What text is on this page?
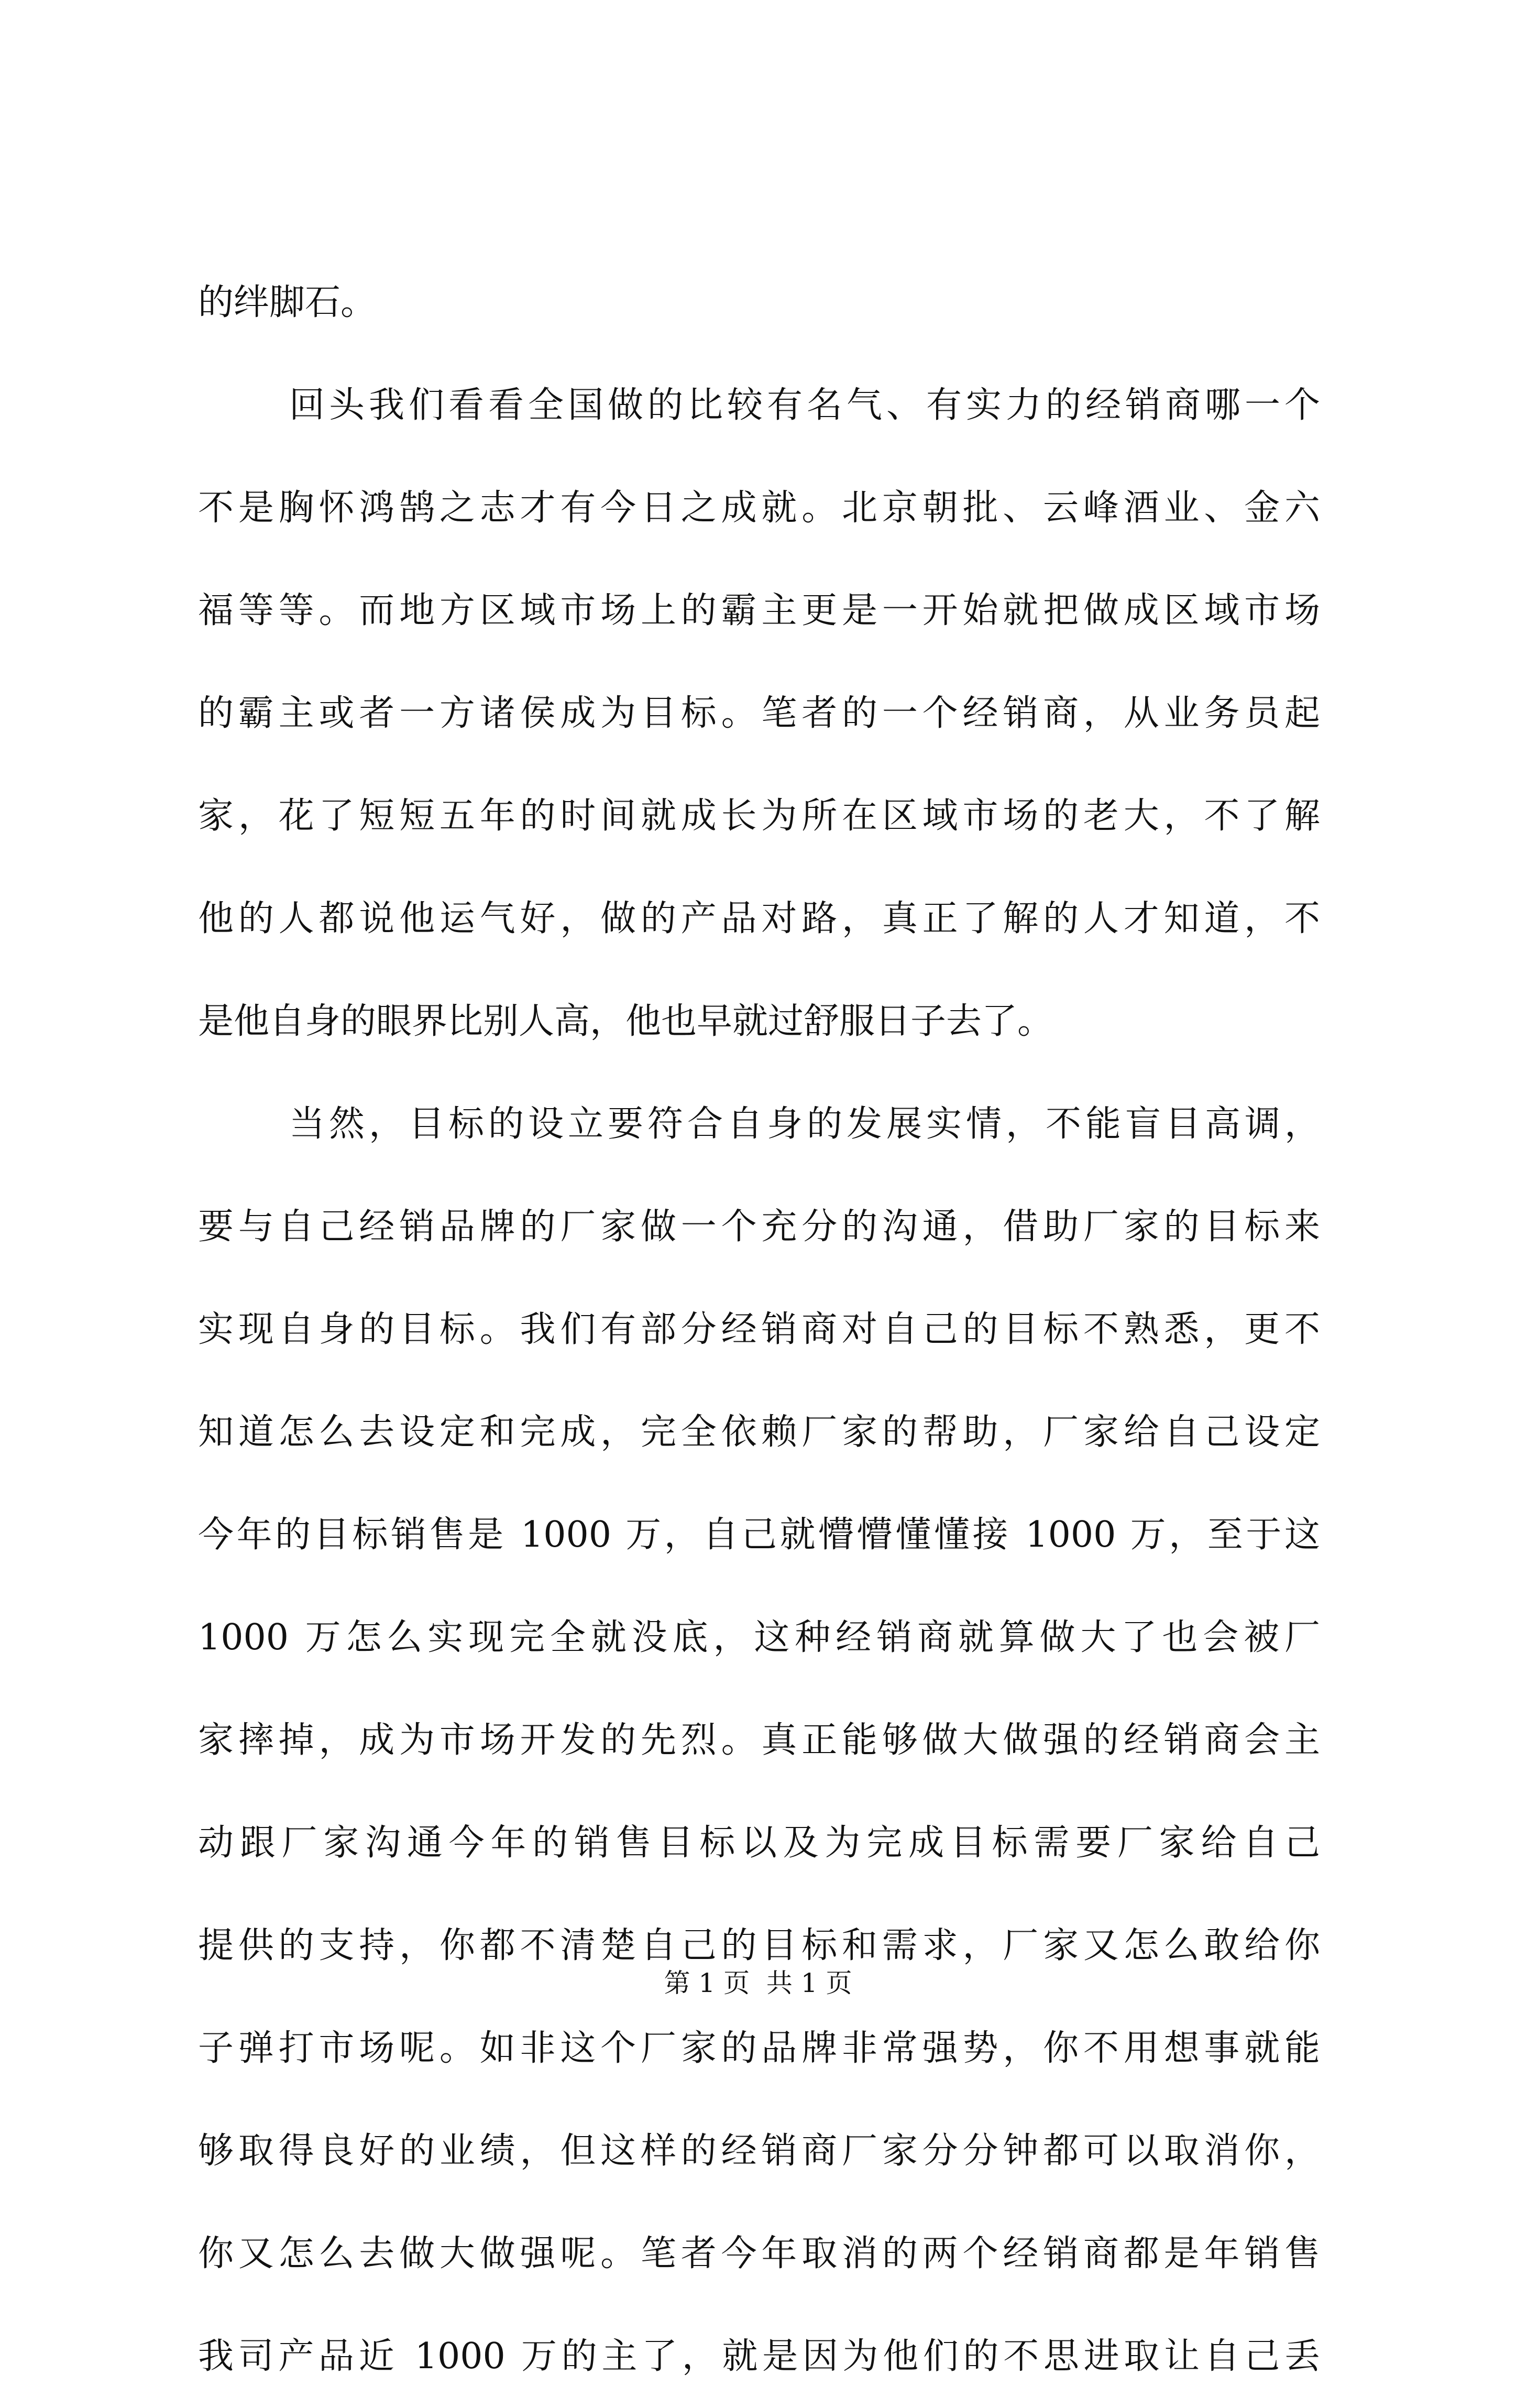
的绊脚石。
回头我们看看全国做的比较有名气、有实力的经销商哪一个
不是胸怀鸿鹄之志才有今日之成就。北京朝批、云峰酒业、金六
福等等。而地方区域市场上的霸主更是一开始就把做成区域市场
的霸主或者一方诸侯成为目标。笔者的一个经销商，从业务员起
家，花了短短五年的时间就成长为所在区域市场的老大，不了解
他的人都说他运气好，做的产品对路，真正了解的人才知道，不
是他自身的眼界比别人高，他也早就过舒服日子去了。
当然，目标的设立要符合自身的发展实情，不能盲目高调，
要与自己经销品牌的厂家做一个充分的沟通，借助厂家的目标来
实现自身的目标。我们有部分经销商对自己的目标不熟悉，更不
知道怎么去设定和完成，完全依赖厂家的帮助，厂家给自己设定
今年的目标销售是 1000 万，自己就懵懵懂懂接 1000 万，至于这
1000 万怎么实现完全就没底，这种经销商就算做大了也会被厂
家摔掉，成为市场开发的先烈。真正能够做大做强的经销商会主
动跟厂家沟通今年的销售目标以及为完成目标需要厂家给自己
提供的支持，你都不清楚自己的目标和需求，厂家又怎么敢给你
子弹打市场呢。如非这个厂家的品牌非常强势，你不用想事就能
够取得良好的业绩，但这样的经销商厂家分分钟都可以取消你，
你又怎么去做大做强呢。笔者今年取消的两个经销商都是年销售
我司产品近 1000 万的主了，就是因为他们的不思进取让自己丢
第 1 页  共 1 页
